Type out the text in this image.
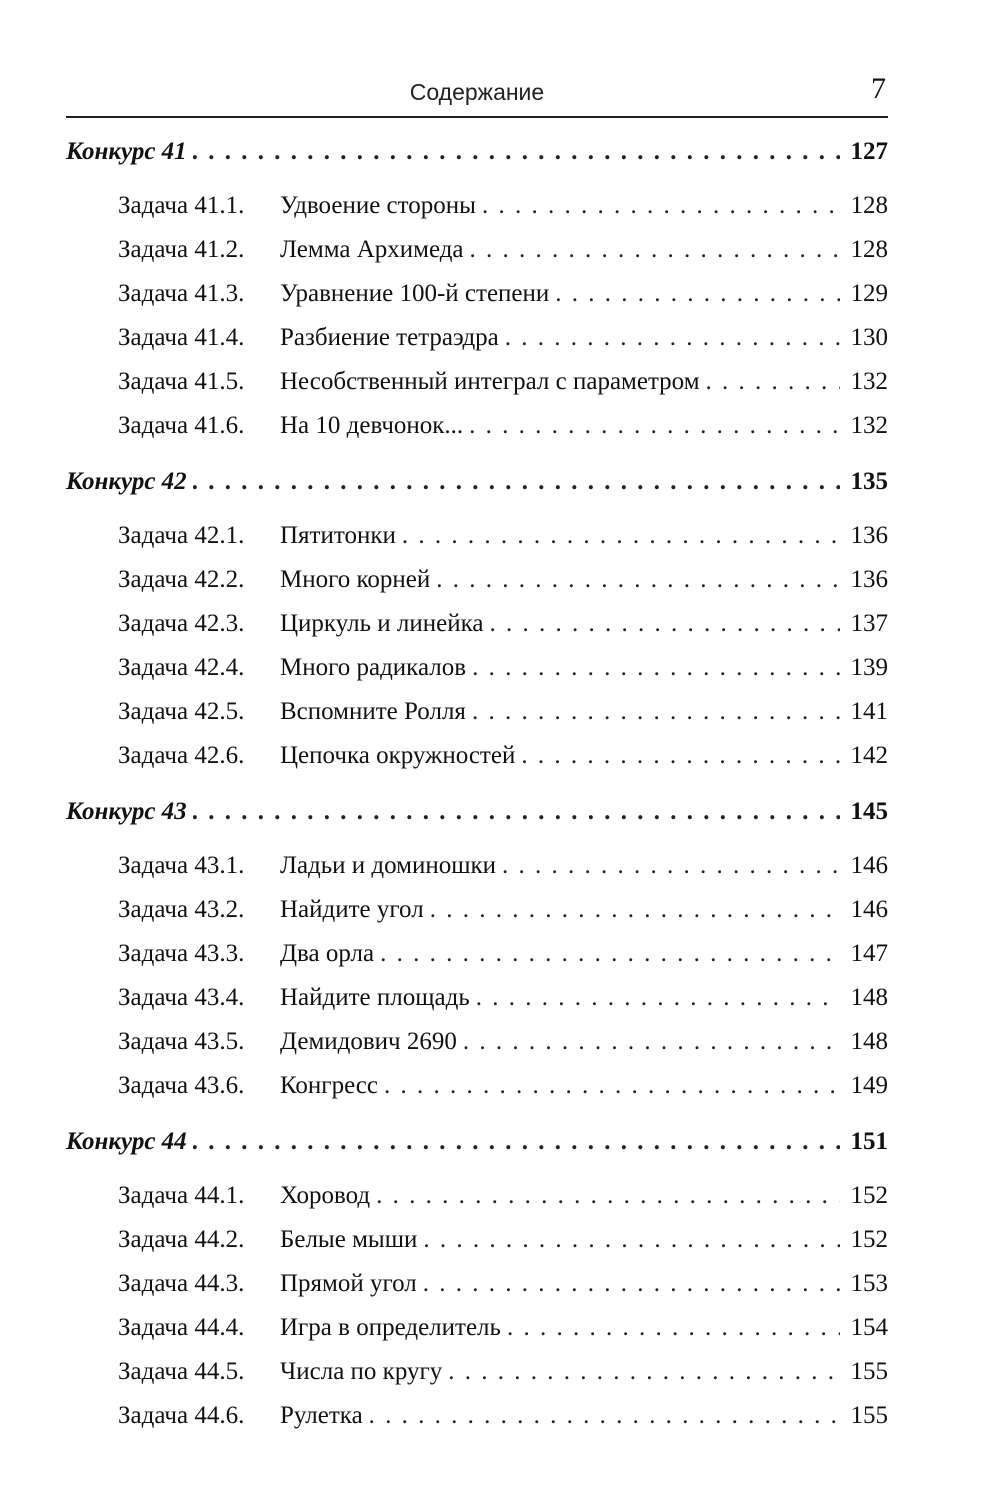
Содержание	7
Конкурс 41 . . .	127
Задача 41.1.	Удвоение стороны . . .	128
Задача 41.2.	Лемма Архимеда . . .	128
Задача 41.3.	Уравнение 100-й степени . . .	129
Задача 41.4.	Разбиение тетраэдра . . .	130
Задача 41.5.	Несобственный интеграл с параметром . . .	132
Задача 41.6.	На 10 девчонок... . . .	132
Конкурс 42 . . .	135
Задача 42.1.	Пятитонки . . .	136
Задача 42.2.	Много корней . . .	136
Задача 42.3.	Циркуль и линейка . . .	137
Задача 42.4.	Много радикалов . . .	139
Задача 42.5.	Вспомните Ролля . . .	141
Задача 42.6.	Цепочка окружностей . . .	142
Конкурс 43 . . .	145
Задача 43.1.	Ладьи и доминошки . . .	146
Задача 43.2.	Найдите угол . . .	146
Задача 43.3.	Два орла . . .	147
Задача 43.4.	Найдите площадь . . .	148
Задача 43.5.	Демидович 2690 . . .	148
Задача 43.6.	Конгресс . . .	149
Конкурс 44 . . .	151
Задача 44.1.	Хоровод . . .	152
Задача 44.2.	Белые мыши . . .	152
Задача 44.3.	Прямой угол . . .	153
Задача 44.4.	Игра в определитель . . .	154
Задача 44.5.	Числа по кругу . . .	155
Задача 44.6.	Рулетка . . .	155
